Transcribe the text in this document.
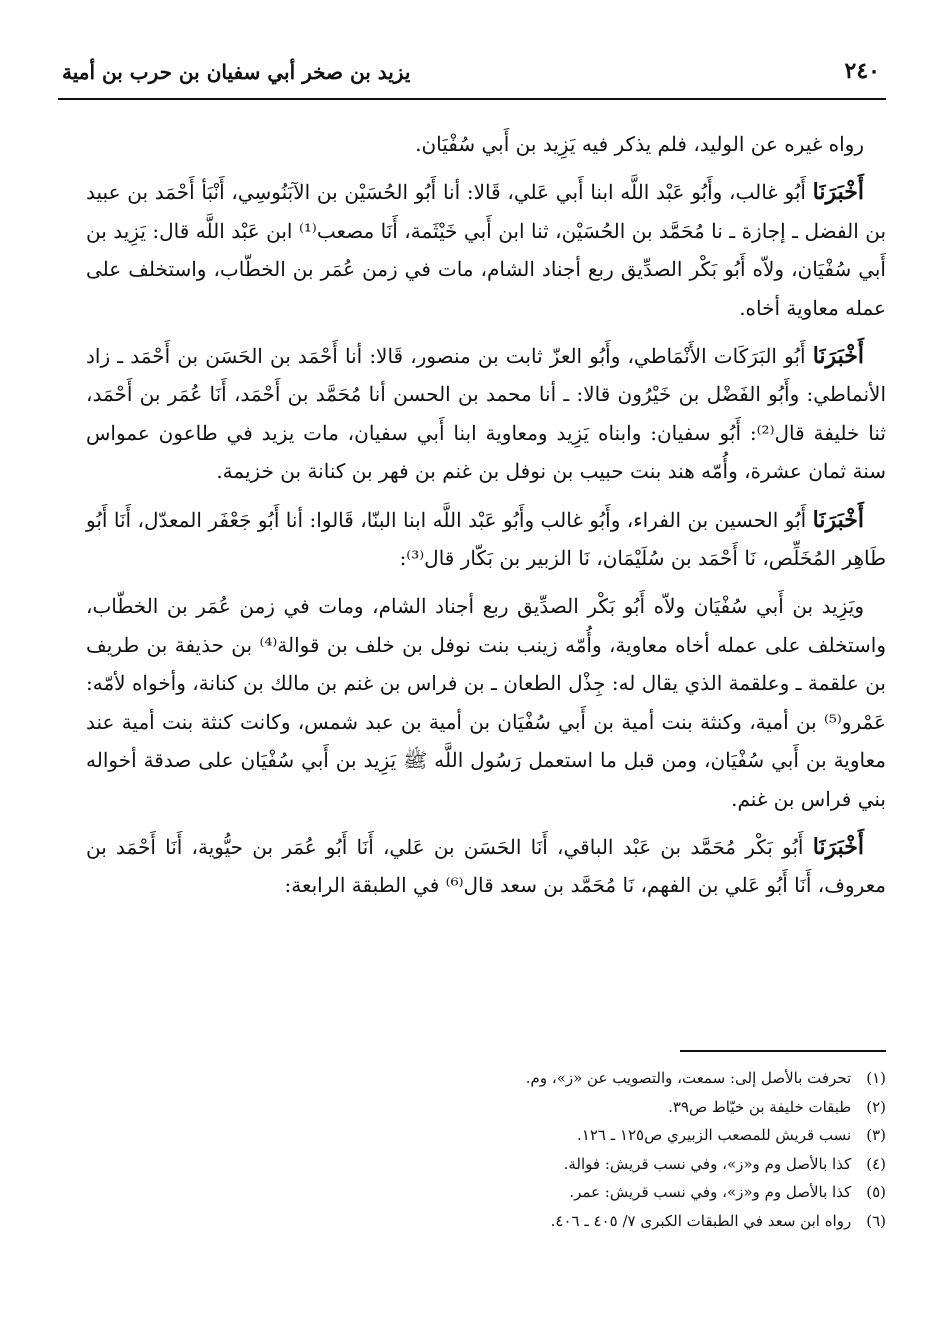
٢٤٠
يزيد بن صخر أبي سفيان بن حرب بن أمية

رواه غيره عن الوليد، فلم يذكر فيه يَزِيد بن أَبي سُفْيَان.

أَخْبَرَنَا أَبُو غالب، وأَبُو عَبْد اللَّه ابنا أَبي عَلي، قَالا: أنا أَبُو الحُسَيْن بن الآبَنُوسِي، أَنْبَأ أَحْمَد بن عبيد بن الفضل ـ إجازة ـ نا مُحَمَّد بن الحُسَيْن، ثنا ابن أَبي خَيْثَمة، أَنَا مصعب⁽¹⁾ ابن عَبْد اللَّه قال: يَزِيد بن أَبي سُفْيَان، ولاّه أَبُو بَكْر الصدِّيق ربع أجناد الشام، مات في زمن عُمَر بن الخطّاب، واستخلف على عمله معاوية أخاه.

أَخْبَرَنَا أَبُو البَرَكَات الأَنْمَاطي، وأَبُو العزّ ثابت بن منصور، قَالا: أنا أَحْمَد بن الحَسَن بن أَحْمَد ـ زاد الأنماطي: وأَبُو الفَضْل بن خَيْرُون قالا: ـ أنا محمد بن الحسن أنا مُحَمَّد بن أَحْمَد، أَنَا عُمَر بن أَحْمَد، ثنا خليفة قال⁽²⁾: أَبُو سفيان: وابناه يَزِيد ومعاوية ابنا أَبي سفيان، مات يزيد في طاعون عمواس سنة ثمان عشرة، وأُمّه هند بنت حبيب بن نوفل بن غنم بن فهر بن كنانة بن خزيمة.

أَخْبَرَنَا أَبُو الحسين بن الفراء، وأَبُو غالب وأَبُو عَبْد اللَّه ابنا البنّا، قَالوا: أنا أَبُو جَعْفَر المعدّل، أَنَا أَبُو طَاهِر المُخَلِّص، نَا أَحْمَد بن سُلَيْمَان، نَا الزبير بن بَكّار قال⁽³⁾:

ويَزِيد بن أَبي سُفْيَان ولاّه أَبُو بَكْر الصدِّيق ربع أجناد الشام، ومات في زمن عُمَر بن الخطّاب، واستخلف على عمله أخاه معاوية، وأُمّه زينب بنت نوفل بن خلف بن قوالة⁽⁴⁾ بن حذيفة بن طريف بن علقمة ـ وعلقمة الذي يقال له: جِذْل الطعان ـ بن فراس بن غنم بن مالك بن كنانة، وأخواه لأمّه: عَمْرو⁽⁵⁾ بن أمية، وكنثة بنت أمية بن أَبي سُفْيَان بن أمية بن عبد شمس، وكانت كنثة بنت أمية عند معاوية بن أَبي سُفْيَان، ومن قبل ما استعمل رَسُول اللَّه ﷺ يَزِيد بن أَبي سُفْيَان على صدقة أخواله بني فراس بن غنم.

أَخْبَرَنَا أَبُو بَكْر مُحَمَّد بن عَبْد الباقي، أَنَا الحَسَن بن عَلي، أَنَا أَبُو عُمَر بن حيُّوية، أَنَا أَحْمَد بن معروف، أَنَا أَبُو عَلي بن الفهم، نَا مُحَمَّد بن سعد قال⁽⁶⁾ في الطبقة الرابعة:

(١) تحرفت بالأصل إلى: سمعت، والتصويب عن «ز»، وم.
(٢) طبقات خليفة بن خيّاط ص٣٩.
(٣) نسب قريش للمصعب الزبيري ص١٢٥ ـ ١٢٦.
(٤) كذا بالأصل وم و«ز»، وفي نسب قريش: فوالة.
(٥) كذا بالأصل وم و«ز»، وفي نسب قريش: عمر.
(٦) رواه ابن سعد في الطبقات الكبرى ٧/ ٤٠٥ ـ ٤٠٦.
